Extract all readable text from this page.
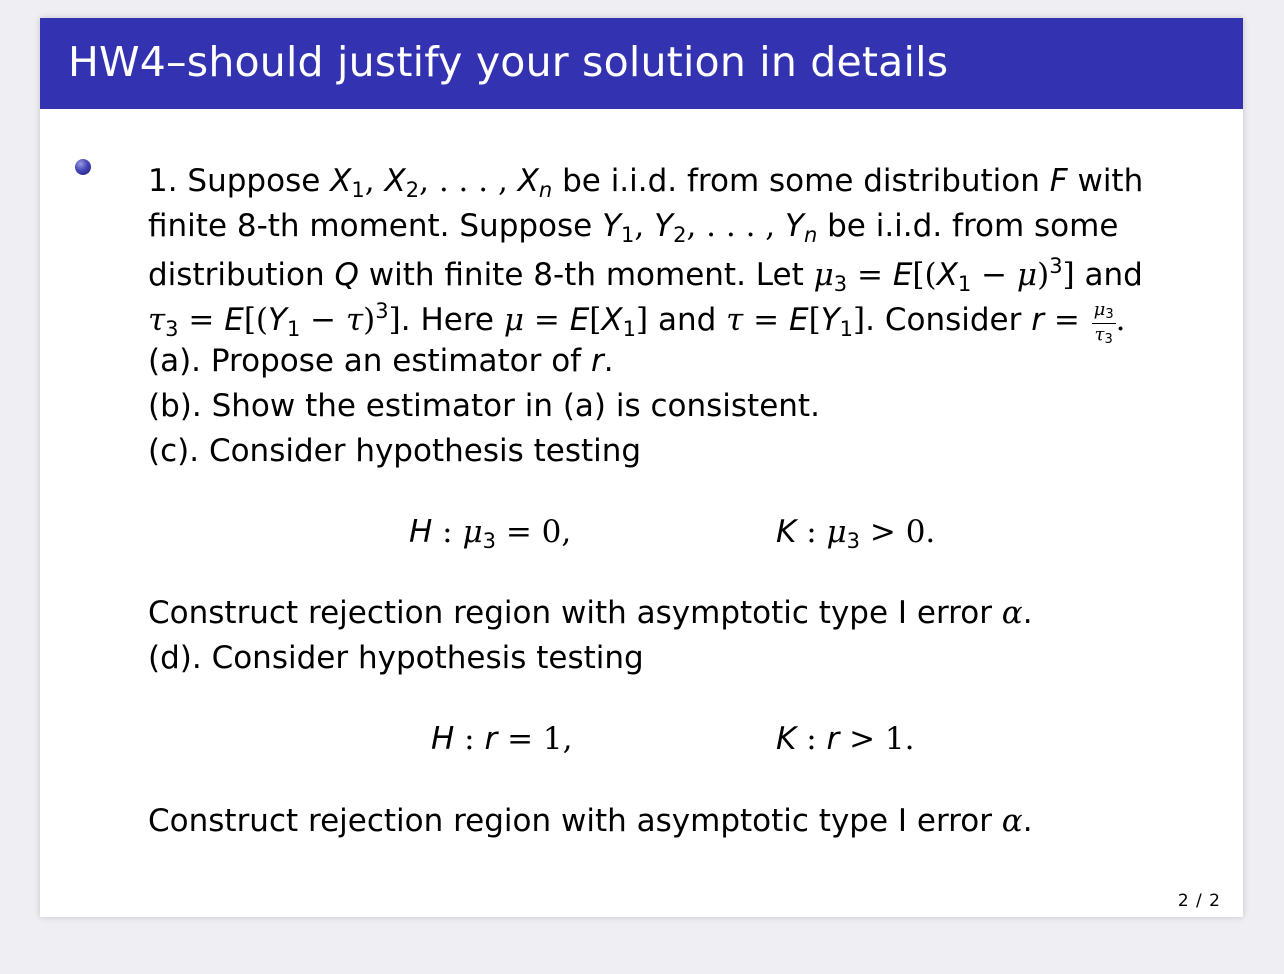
HW4–should justify your solution in details
1. Suppose $X_1$, $X_2$, . . . , $X_n$ be i.i.d. from some distribution F with
finite 8-th moment. Suppose $Y_1$, $Y_2$, . . . , $Y_n$ be i.i.d. from some
distribution Q with finite 8-th moment. Let $\mu_3 = E[(X_1 - \mu)^3]$ and
$\tau_3 = E[(Y_1 - \tau)^3]$. Here $\mu = E[X_1]$ and $\tau = E[Y_1]$. Consider $r = \frac{\mu 3}{\tau 3}$ .
(a). Propose an estimator of r.
(b). Show the estimator in (a) is consistent.
(c). Consider hypothesis testing
H : $\mu_3 = 0$,	K : $\mu_3 > 0$.
Construct rejection region with asymptotic type I error α.
(d). Consider hypothesis testing
H : r = 1,	K : r > 1.
Construct rejection region with asymptotic type I error α.
2 / 2
